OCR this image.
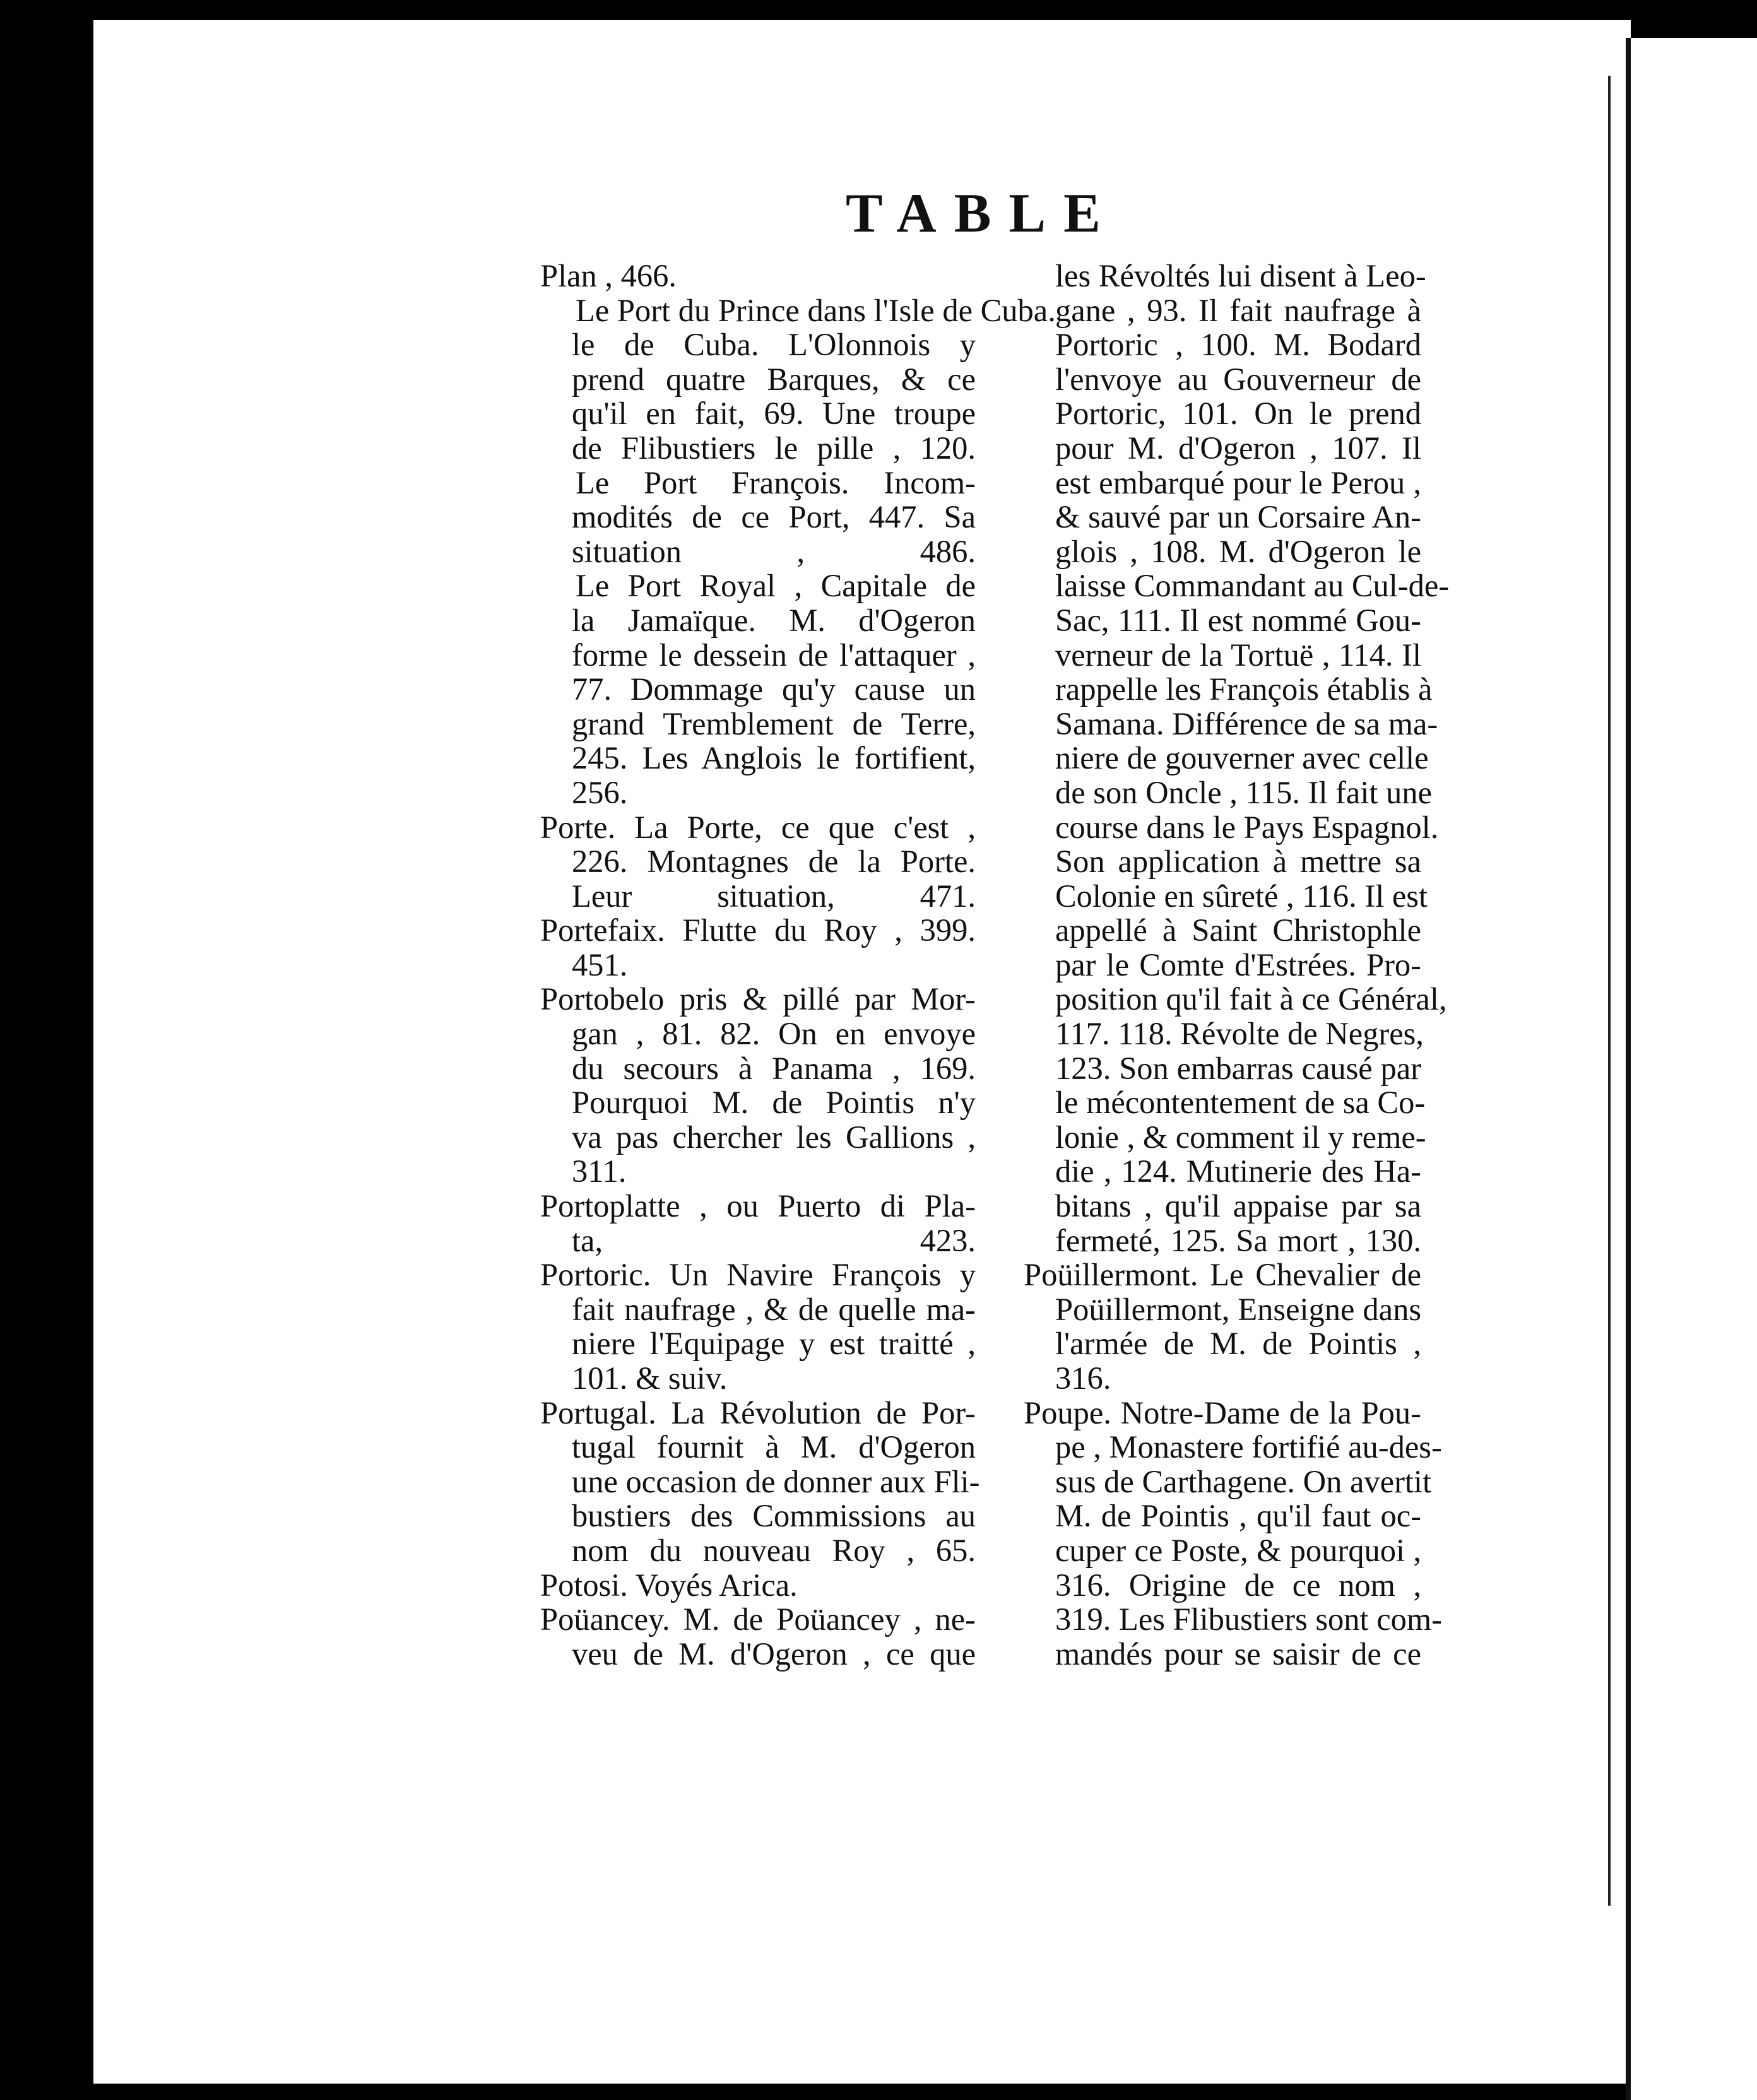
TABLE
Plan , 466.
Le Port du Prince dans l'Isle de Cuba.
le de Cuba. L'Olonnois y
prend quatre Barques, & ce
qu'il en fait, 69. Une troupe
de Flibustiers le pille , 120.
Le Port François. Incom-
modités de ce Port, 447. Sa
situation , 486.
Le Port Royal , Capitale de
la Jamaïque. M. d'Ogeron
forme le dessein de l'attaquer ,
77. Dommage qu'y cause un
grand Tremblement de Terre,
245. Les Anglois le fortifient,
256.
Porte. La Porte, ce que c'est ,
226. Montagnes de la Porte.
Leur situation, 471.
Portefaix. Flutte du Roy , 399.
451.
Portobelo pris & pillé par Mor-
gan , 81. 82. On en envoye
du secours à Panama , 169.
Pourquoi M. de Pointis n'y
va pas chercher les Gallions ,
311.
Portoplatte , ou Puerto di Pla-
ta, 423.
Portoric. Un Navire François y
fait naufrage , & de quelle ma-
niere l'Equipage y est traitté ,
101. & suiv.
Portugal. La Révolution de Por-
tugal fournit à M. d'Ogeron
une occasion de donner aux Fli-
bustiers des Commissions au
nom du nouveau Roy , 65.
Potosi. Voyés Arica.
Poüancey. M. de Poüancey , ne-
veu de M. d'Ogeron , ce que
les Révoltés lui disent à Leo-
gane , 93. Il fait naufrage à
Portoric , 100. M. Bodard
l'envoye au Gouverneur de
Portoric, 101. On le prend
pour M. d'Ogeron , 107. Il
est embarqué pour le Perou ,
& sauvé par un Corsaire An-
glois , 108. M. d'Ogeron le
laisse Commandant au Cul-de-
Sac, 111. Il est nommé Gou-
verneur de la Tortuë , 114. Il
rappelle les François établis à
Samana. Différence de sa ma-
niere de gouverner avec celle
de son Oncle , 115. Il fait une
course dans le Pays Espagnol.
Son application à mettre sa
Colonie en sûreté , 116. Il est
appellé à Saint Christophle
par le Comte d'Estrées. Pro-
position qu'il fait à ce Général,
117. 118. Révolte de Negres,
123. Son embarras causé par
le mécontentement de sa Co-
lonie , & comment il y reme-
die , 124. Mutinerie des Ha-
bitans , qu'il appaise par sa
fermeté, 125. Sa mort , 130.
Poüillermont. Le Chevalier de
Poüillermont, Enseigne dans
l'armée de M. de Pointis ,
316.
Poupe. Notre-Dame de la Pou-
pe , Monastere fortifié au-des-
sus de Carthagene. On avertit
M. de Pointis , qu'il faut oc-
cuper ce Poste, & pourquoi ,
316. Origine de ce nom ,
319. Les Flibustiers sont com-
mandés pour se saisir de ce
